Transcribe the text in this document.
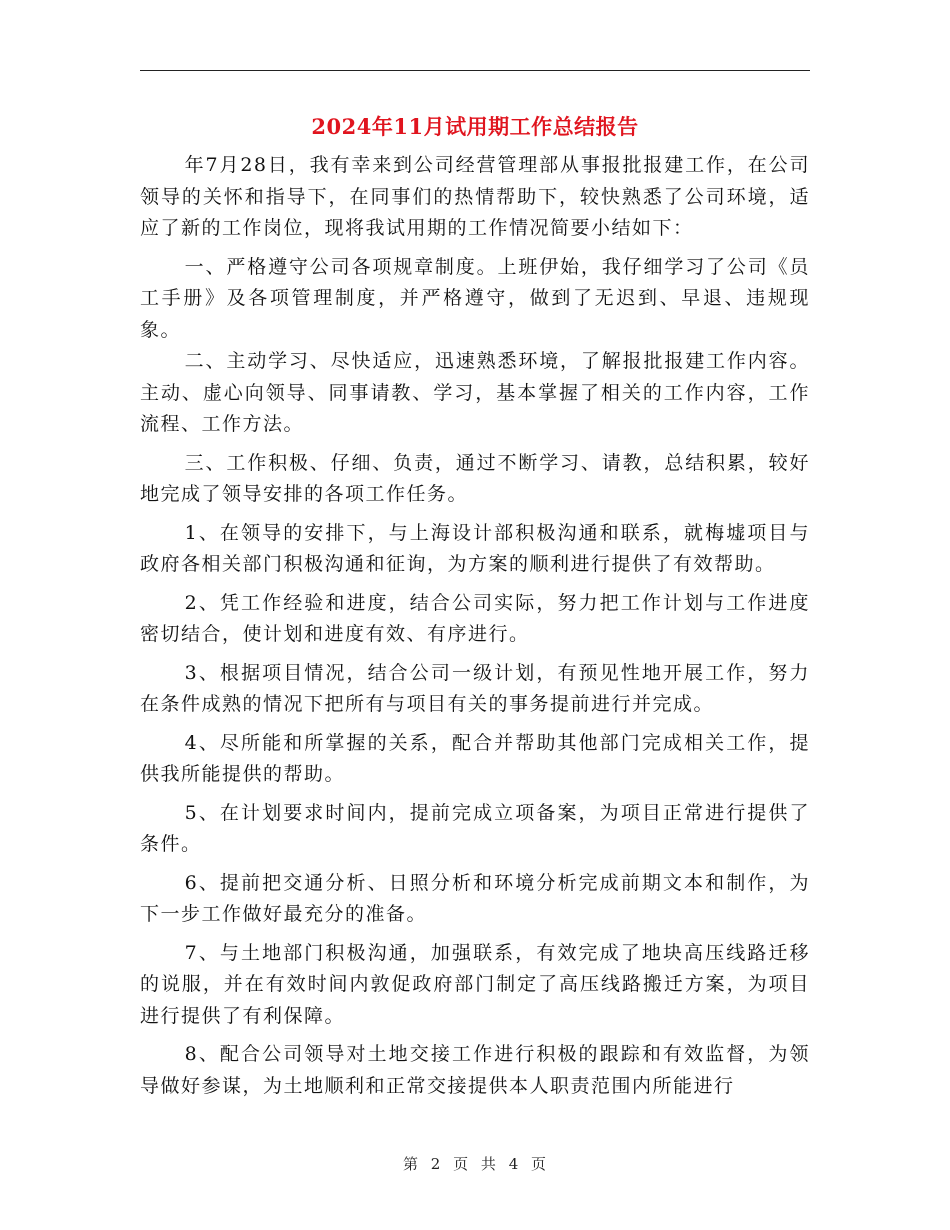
2024年11月试用期工作总结报告

年7月28日，我有幸来到公司经营管理部从事报批报建工作，在公司领导的关怀和指导下，在同事们的热情帮助下，较快熟悉了公司环境，适应了新的工作岗位，现将我试用期的工作情况简要小结如下：

一、严格遵守公司各项规章制度。上班伊始，我仔细学习了公司《员工手册》及各项管理制度，并严格遵守，做到了无迟到、早退、违规现象。

二、主动学习、尽快适应，迅速熟悉环境，了解报批报建工作内容。主动、虚心向领导、同事请教、学习，基本掌握了相关的工作内容，工作流程、工作方法。

三、工作积极、仔细、负责，通过不断学习、请教，总结积累，较好地完成了领导安排的各项工作任务。

1、在领导的安排下，与上海设计部积极沟通和联系，就梅墟项目与政府各相关部门积极沟通和征询，为方案的顺利进行提供了有效帮助。

2、凭工作经验和进度，结合公司实际，努力把工作计划与工作进度密切结合，使计划和进度有效、有序进行。

3、根据项目情况，结合公司一级计划，有预见性地开展工作，努力在条件成熟的情况下把所有与项目有关的事务提前进行并完成。

4、尽所能和所掌握的关系，配合并帮助其他部门完成相关工作，提供我所能提供的帮助。

5、在计划要求时间内，提前完成立项备案，为项目正常进行提供了条件。

6、提前把交通分析、日照分析和环境分析完成前期文本和制作，为下一步工作做好最充分的准备。

7、与土地部门积极沟通，加强联系，有效完成了地块高压线路迁移的说服，并在有效时间内敦促政府部门制定了高压线路搬迁方案，为项目进行提供了有利保障。

8、配合公司领导对土地交接工作进行积极的跟踪和有效监督，为领导做好参谋，为土地顺利和正常交接提供本人职责范围内所能进行

第 2 页 共 4 页
